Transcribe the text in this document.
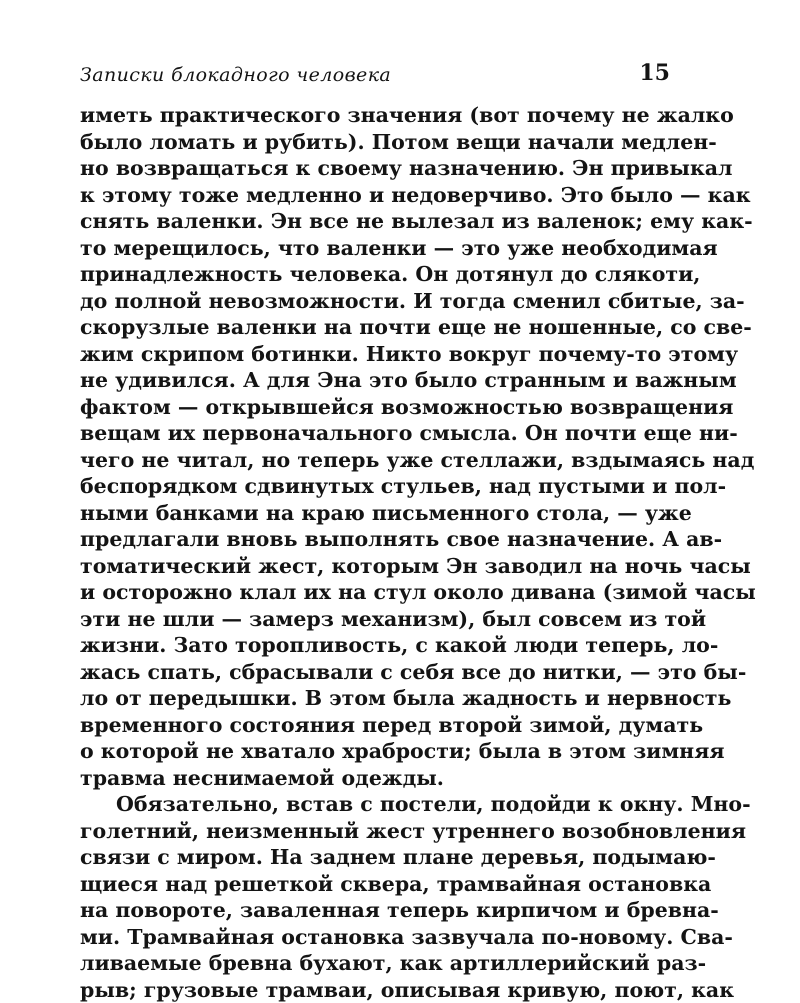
Записки блокадного человека	15
иметь практического значения (вот почему не жалко
было ломать и рубить). Потом вещи начали медлен-
но возвращаться к своему назначению. Эн привыкал
к этому тоже медленно и недоверчиво. Это было — как
снять валенки. Эн все не вылезал из валенок; ему как-
то мерещилось, что валенки — это уже необходимая
принадлежность человека. Он дотянул до слякоти,
до полной невозможности. И тогда сменил сбитые, за-
скорузлые валенки на почти еще не ношенные, со све-
жим скрипом ботинки. Никто вокруг почему-то этому
не удивился. А для Эна это было странным и важным
фактом — открывшейся возможностью возвращения
вещам их первоначального смысла. Он почти еще ни-
чего не читал, но теперь уже стеллажи, вздымаясь над
беспорядком сдвинутых стульев, над пустыми и пол-
ными банками на краю письменного стола, — уже
предлагали вновь выполнять свое назначение. А ав-
томатический жест, которым Эн заводил на ночь часы
и осторожно клал их на стул около дивана (зимой часы
эти не шли — замерз механизм), был совсем из той
жизни. Зато торопливость, с какой люди теперь, ло-
жась спать, сбрасывали с себя все до нитки, — это бы-
ло от передышки. В этом была жадность и нервность
временного состояния перед второй зимой, думать
о которой не хватало храбрости; была в этом зимняя
травма неснимаемой одежды.
Обязательно, встав с постели, подойди к окну. Мно-
голетний, неизменный жест утреннего возобновления
связи с миром. На заднем плане деревья, подымаю-
щиеся над решеткой сквера, трамвайная остановка
на повороте, заваленная теперь кирпичом и бревна-
ми. Трамвайная остановка зазвучала по-новому. Сва-
ливаемые бревна бухают, как артиллерийский раз-
рыв; грузовые трамваи, описывая кривую, поют, как
